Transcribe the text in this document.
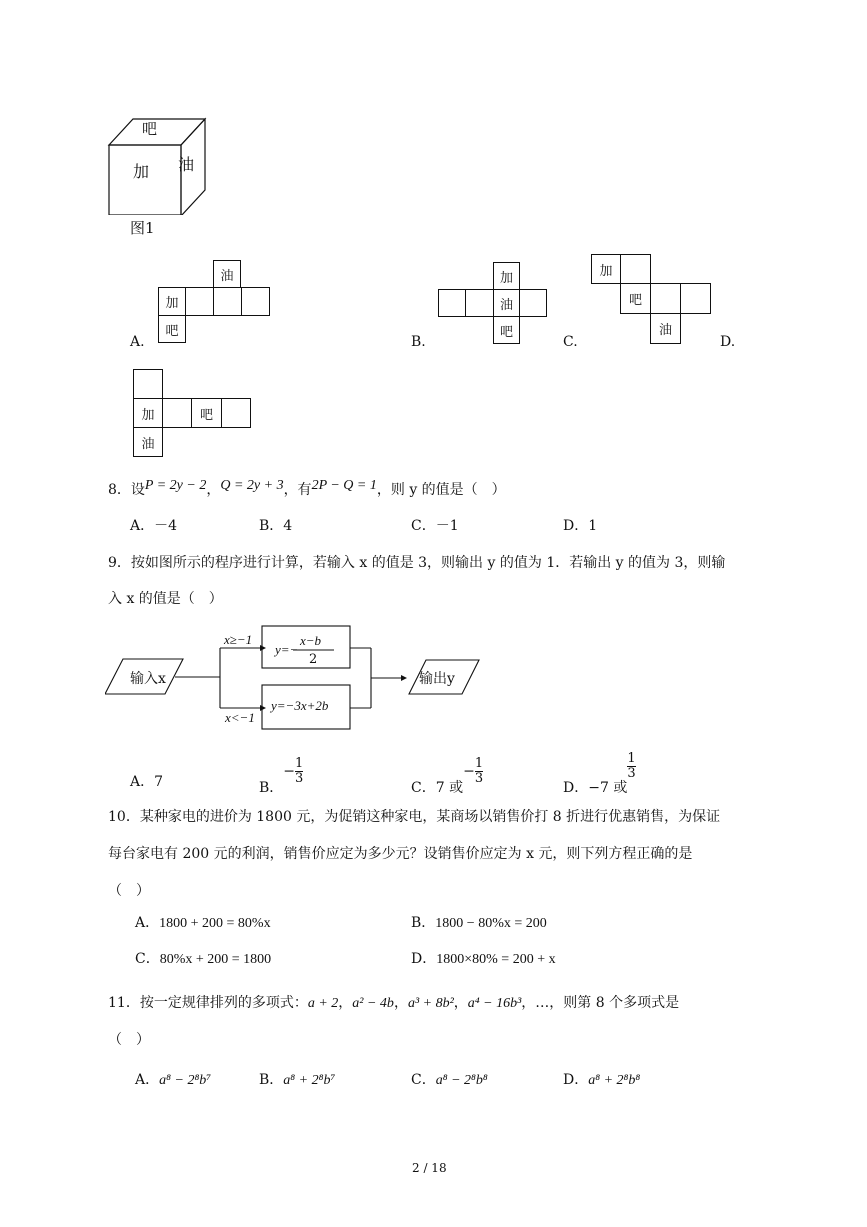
吧
加 油
图1
油
加
吧
A.
加
油
吧
B.
加
吧
油
C.	D.
加	吧
油
8．设P = 2y − 2，Q = 2y + 3，有2P − Q = 1，则 y 的值是（　）
A．－4	B．4	C．－1	D．1
9．按如图所示的程序进行计算，若输入 x 的值是 3，则输出 y 的值为 1．若输出 y 的值为 3，则输
入 x 的值是（　）
输入x
x≥−1
x<−1
y=−
x−b
2
y=−3x+2b
输出y
A．7	B．− $\frac{1}{3}$
C．7 或− $\frac{1}{3}$
D．−7 或
$\frac{1}{3}$
10．某种家电的进价为 1800 元，为促销这种家电，某商场以销售价打 8 折进行优惠销售，为保证
每台家电有 200 元的利润，销售价应定为多少元？设销售价应定为 x 元，则下列方程正确的是
（　）
A．1800 + 200 = 80%x	B．1800 − 80%x = 200
C．80%x + 200 = 1800	D．1800×80% = 200 + x
11．按一定规律排列的多项式：a + 2，a² − 4b，a³ + 8b²，a⁴ − 16b³，…，则第 8 个多项式是
（　）
A．a⁸ − 2⁸b⁷	B．a⁸ + 2⁸b⁷	C．a⁸ − 2⁸b⁸	D．a⁸ + 2⁸b⁸
2 / 18
